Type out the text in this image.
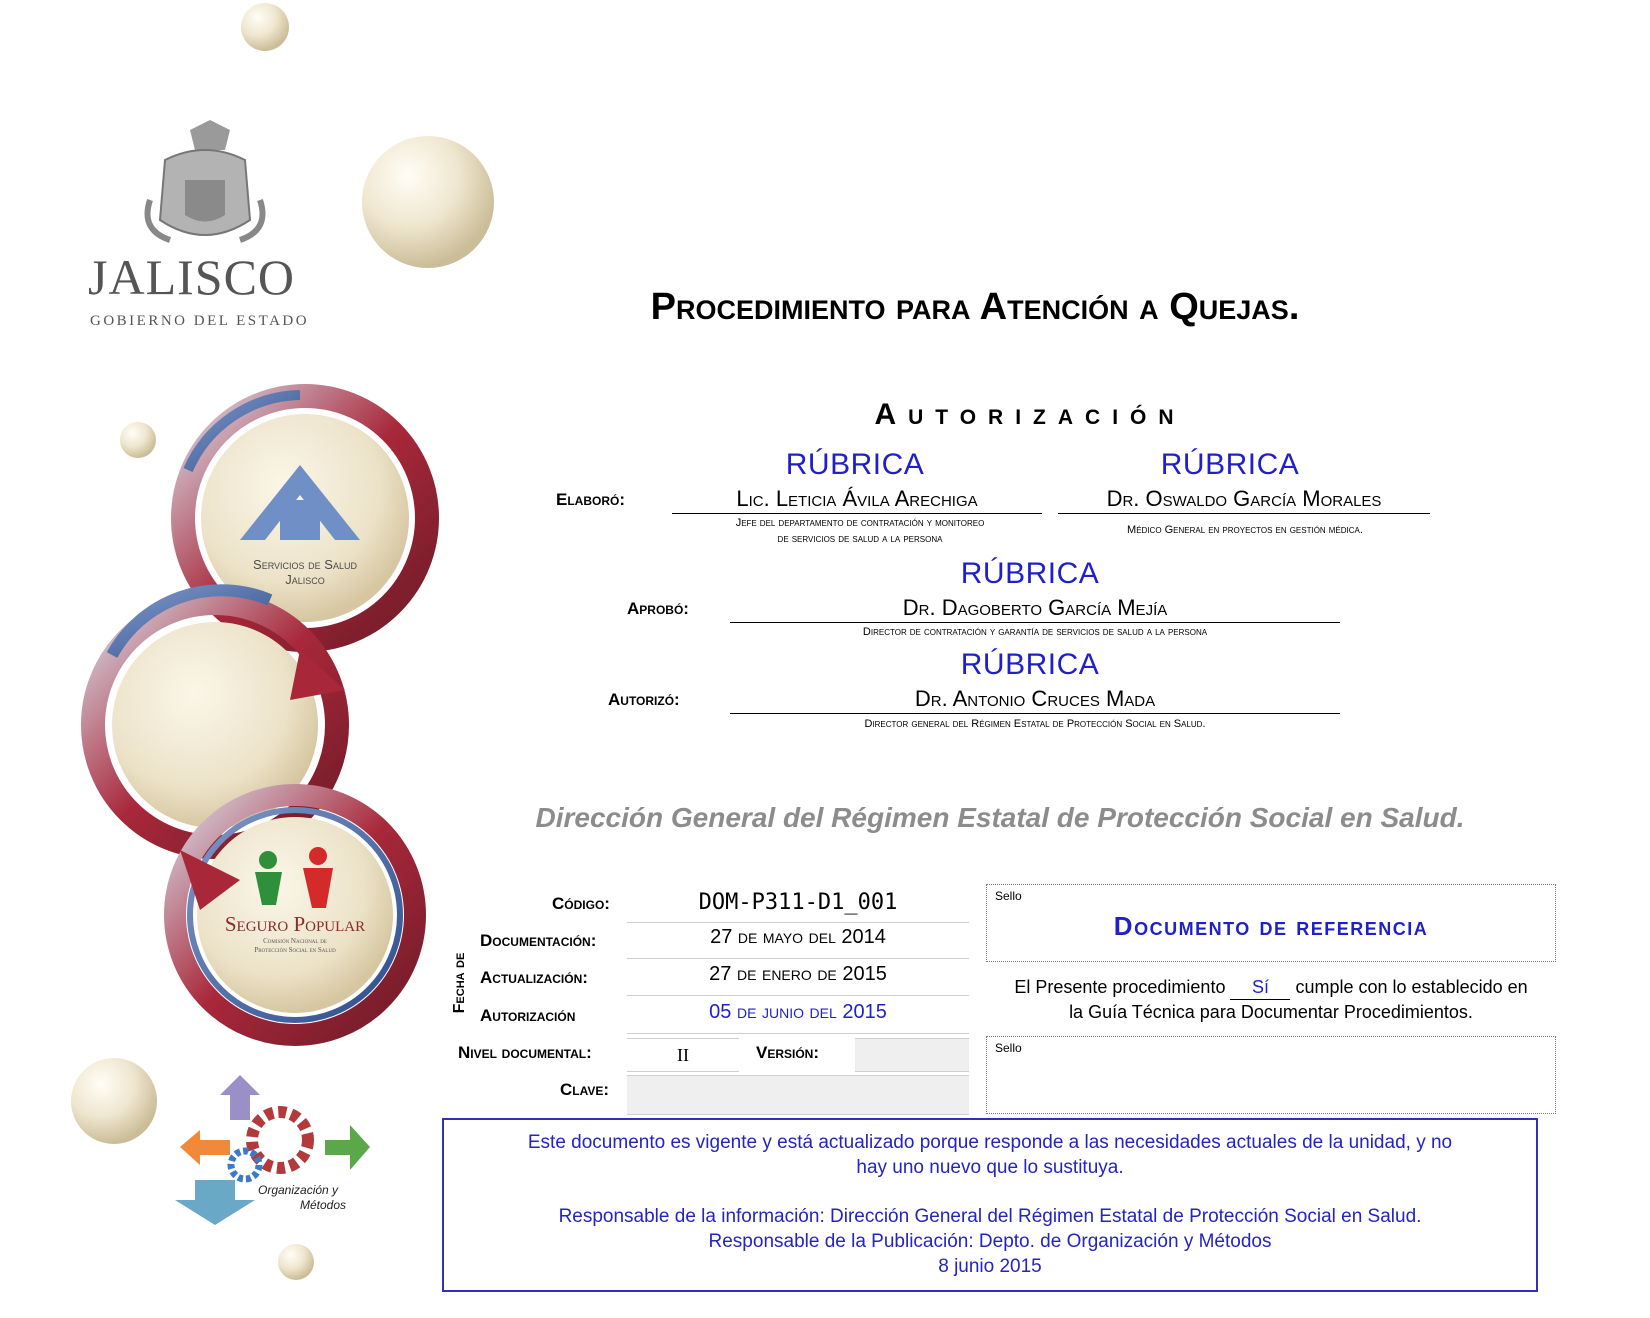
JALISCO
GOBIERNO DEL ESTADO
Servicios de Salud
Jalisco
Seguro Popular
Comisión Nacional de
Protección Social en Salud
Organización y
Métodos
Procedimiento para Atención a Quejas.
Autorización
RÚBRICA	RÚBRICA
Elaboró:	Lic. Leticia Ávila Arechiga	Dr. Oswaldo García Morales
Jefe del departamento de contratación y monitoreo
de servicios de salud a la persona
Médico General en proyectos en gestión médica.
RÚBRICA
Aprobó:	Dr. Dagoberto García Mejía
Director de contratación y garantía de servicios de salud a la persona
RÚBRICA
Autorizó:	Dr. Antonio Cruces Mada
Director general del Régimen Estatal de Protección Social en Salud.
Dirección General del Régimen Estatal de Protección Social en Salud.
Código:	DOM-P311-D1_001
Fecha de
Documentación:	27 de mayo del 2014
Actualización:	27 de enero de 2015
Autorización	05 de junio del 2015
Nivel documental:	II	Versión:
Clave:
Sello
Documento de referencia
El Presente procedimiento Sí cumple con lo establecido en
la Guía Técnica para Documentar Procedimientos.
Sello
Este documento es vigente y está actualizado porque responde a las necesidades actuales de la unidad, y no
hay uno nuevo que lo sustituya.
Responsable de la información: Dirección General del Régimen Estatal de Protección Social en Salud.
Responsable de la Publicación: Depto. de Organización y Métodos
8 junio 2015
